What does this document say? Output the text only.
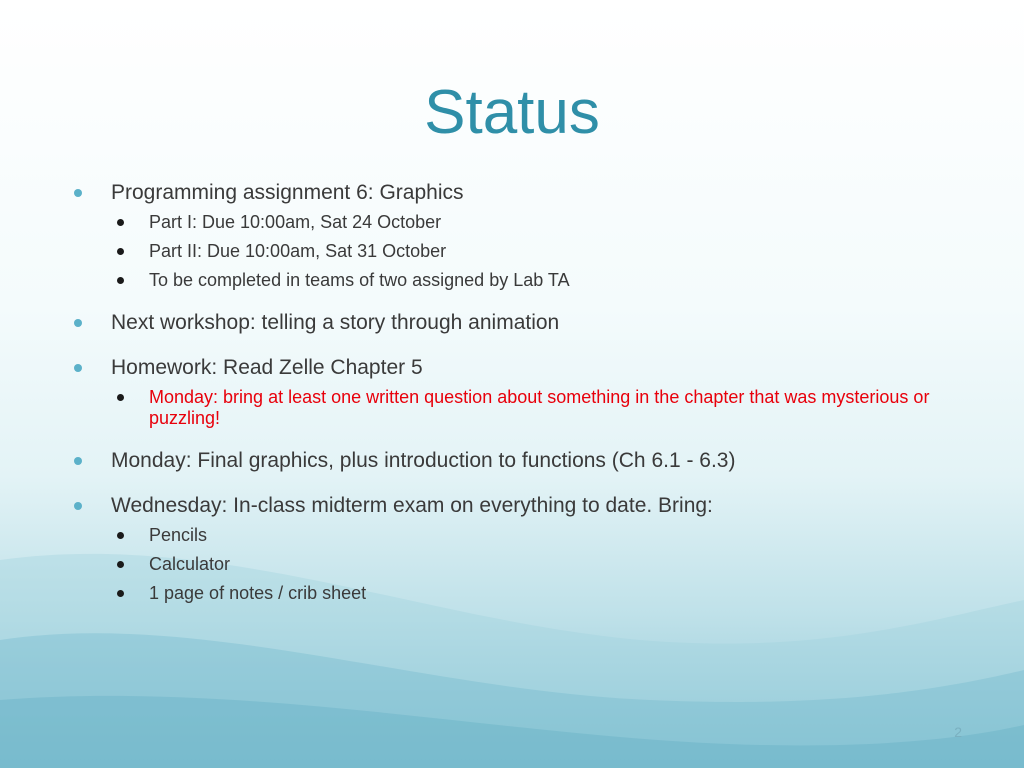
Status
Programming assignment 6: Graphics
Part I: Due 10:00am, Sat 24 October
Part II: Due 10:00am, Sat 31 October
To be completed in teams of two assigned by Lab TA
Next workshop: telling a story through animation
Homework: Read Zelle Chapter 5
Monday: bring at least one written question about something in the chapter that was mysterious or puzzling!
Monday: Final graphics, plus introduction to functions (Ch 6.1 - 6.3)
Wednesday: In-class midterm exam on everything to date. Bring:
Pencils
Calculator
1 page of notes / crib sheet
2
